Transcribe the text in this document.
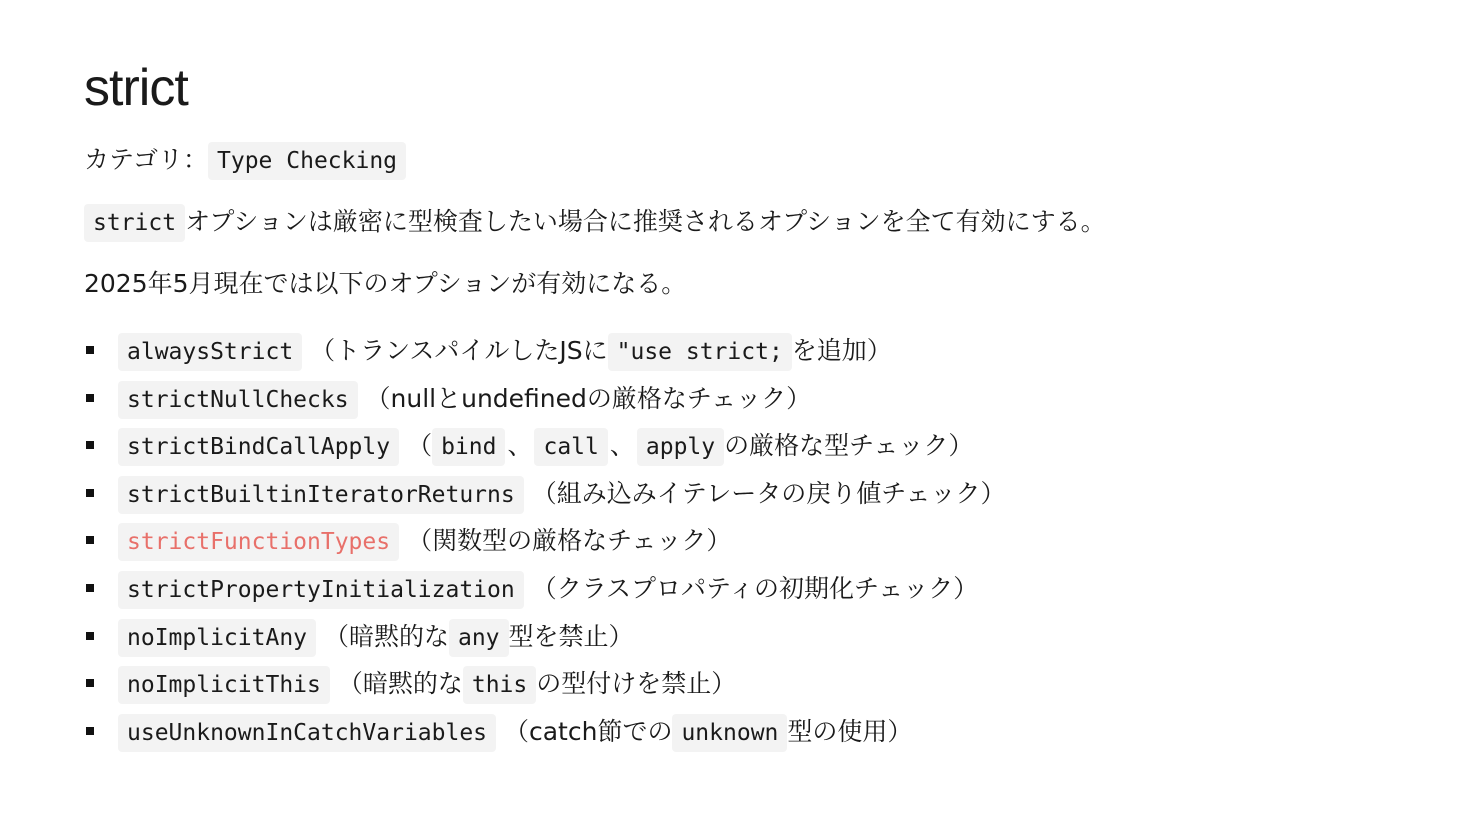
strict
カテゴリ： Type Checking
strict オプションは厳密に型検査したい場合に推奨されるオプションを全て有効にする。
2025年5月現在では以下のオプションが有効になる。
alwaysStrict （トランスパイルしたJSに "use strict; を追加）
strictNullChecks （nullとundefinedの厳格なチェック）
strictBindCallApply （ bind 、 call 、 apply の厳格な型チェック）
strictBuiltinIteratorReturns （組み込みイテレータの戻り値チェック）
strictFunctionTypes （関数型の厳格なチェック）
strictPropertyInitialization （クラスプロパティの初期化チェック）
noImplicitAny （暗黙的な any 型を禁止）
noImplicitThis （暗黙的な this の型付けを禁止）
useUnknownInCatchVariables （catch節での unknown 型の使用）
